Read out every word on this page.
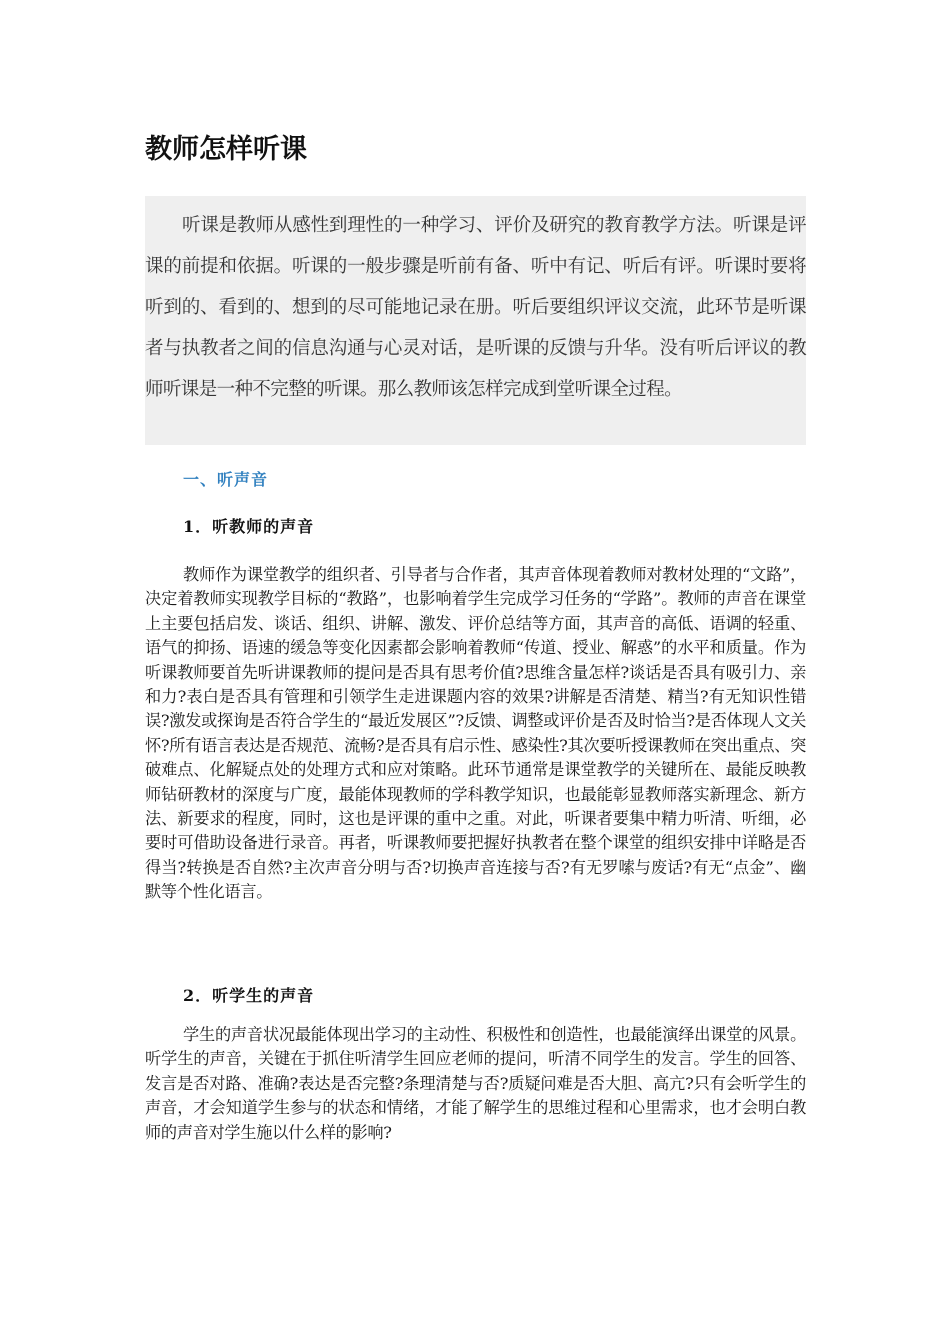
教师怎样听课

听课是教师从感性到理性的一种学习、评价及研究的教育教学方法。听课是评课的前提和依据。听课的一般步骤是听前有备、听中有记、听后有评。听课时要将听到的、看到的、想到的尽可能地记录在册。听后要组织评议交流，此环节是听课者与执教者之间的信息沟通与心灵对话，是听课的反馈与升华。没有听后评议的教师听课是一种不完整的听课。那么教师该怎样完成到堂听课全过程。

一、听声音
1．听教师的声音

教师作为课堂教学的组织者、引导者与合作者，其声音体现着教师对教材处理的“文路”，决定着教师实现教学目标的“教路”，也影响着学生完成学习任务的“学路”。教师的声音在课堂上主要包括启发、谈话、组织、讲解、激发、评价总结等方面，其声音的高低、语调的轻重、语气的抑扬、语速的缓急等变化因素都会影响着教师“传道、授业、解惑”的水平和质量。作为听课教师要首先听讲课教师的提问是否具有思考价值?思维含量怎样?谈话是否具有吸引力、亲和力?表白是否具有管理和引领学生走进课题内容的效果?讲解是否清楚、精当?有无知识性错误?激发或探询是否符合学生的“最近发展区”?反馈、调整或评价是否及时恰当?是否体现人文关怀?所有语言表达是否规范、流畅?是否具有启示性、感染性?其次要听授课教师在突出重点、突破难点、化解疑点处的处理方式和应对策略。此环节通常是课堂教学的关键所在、最能反映教师钻研教材的深度与广度，最能体现教师的学科教学知识，也最能彰显教师落实新理念、新方法、新要求的程度，同时，这也是评课的重中之重。对此，听课者要集中精力听清、听细，必要时可借助设备进行录音。再者，听课教师要把握好执教者在整个课堂的组织安排中详略是否得当?转换是否自然?主次声音分明与否?切换声音连接与否?有无罗嗦与废话?有无“点金”、幽默等个性化语言。

2．听学生的声音

学生的声音状况最能体现出学习的主动性、积极性和创造性，也最能演绎出课堂的风景。听学生的声音，关键在于抓住听清学生回应老师的提问，听清不同学生的发言。学生的回答、发言是否对路、准确?表达是否完整?条理清楚与否?质疑问难是否大胆、高亢?只有会听学生的声音，才会知道学生参与的状态和情绪，才能了解学生的思维过程和心里需求，也才会明白教师的声音对学生施以什么样的影响?
